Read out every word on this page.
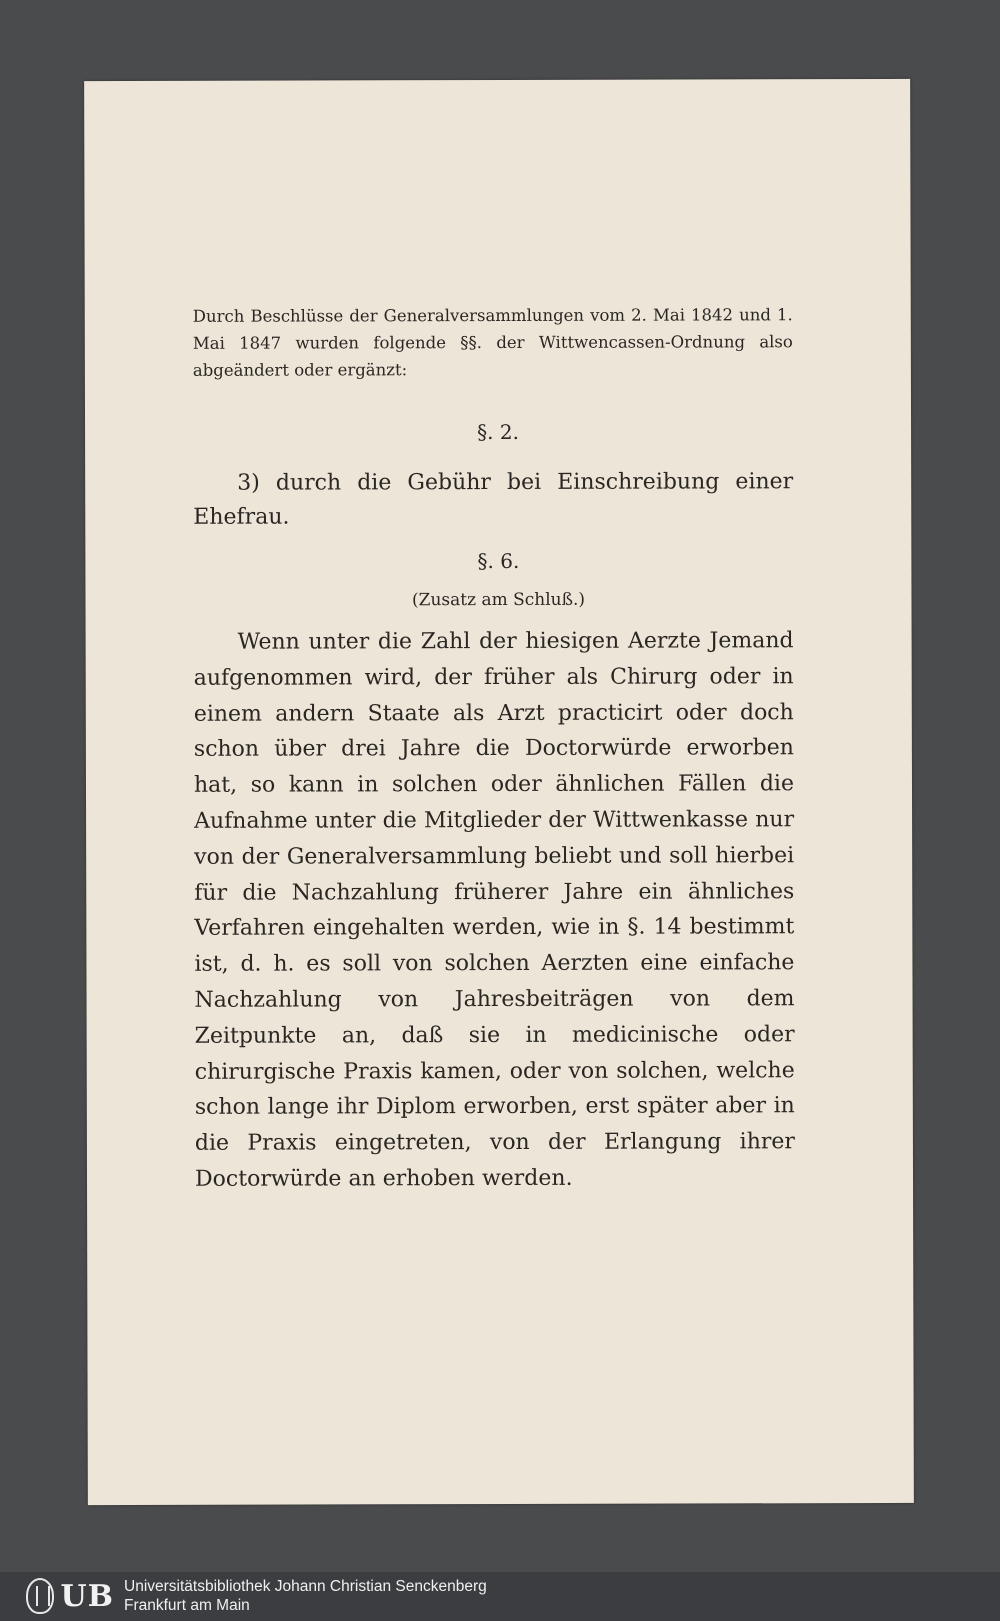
Durch Beschlüsse der Generalversammlungen vom 2. Mai 1842 und 1. Mai 1847 wurden folgende §§. der Wittwencassen-Ordnung also abgeändert oder ergänzt:
§. 2.
3) durch die Gebühr bei Einschreibung einer Ehefrau.
§. 6.
(Zusatz am Schluß.)
Wenn unter die Zahl der hiesigen Aerzte Jemand aufgenommen wird, der früher als Chirurg oder in einem andern Staate als Arzt practicirt oder doch schon über drei Jahre die Doctorwürde erworben hat, so kann in solchen oder ähnlichen Fällen die Aufnahme unter die Mitglieder der Wittwenkasse nur von der Generalversammlung beliebt und soll hierbei für die Nachzahlung früherer Jahre ein ähnliches Verfahren eingehalten werden, wie in §. 14 bestimmt ist, d. h. es soll von solchen Aerzten eine einfache Nachzahlung von Jahresbeiträgen von dem Zeitpunkte an, daß sie in medicinische oder chirurgische Praxis kamen, oder von solchen, welche schon lange ihr Diplom erworben, erst später aber in die Praxis eingetreten, von der Erlangung ihrer Doctorwürde an erhoben werden.
UB Universitätsbibliothek Johann Christian Senckenberg
Frankfurt am Main
